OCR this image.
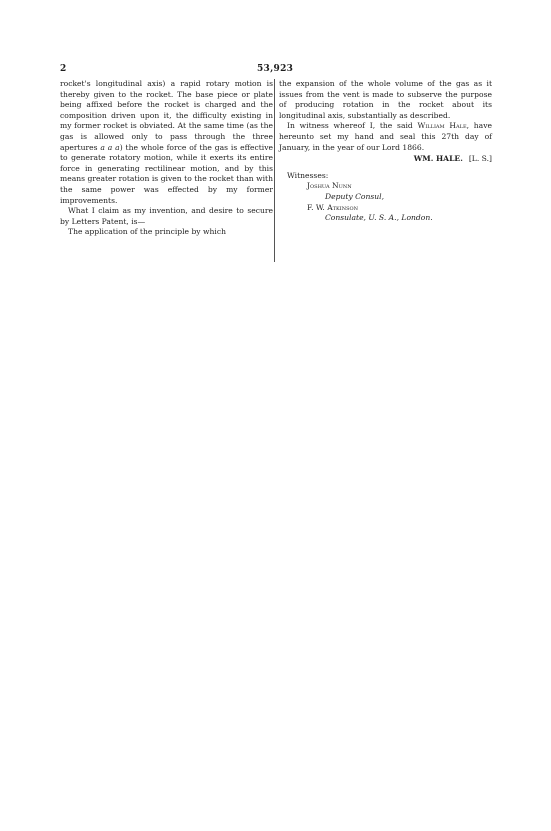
2	53,923

rocket's longitudinal axis) a rapid rotary motion is thereby given to the rocket. The base piece or plate being affixed before the rocket is charged and the composition driven upon it, the difficulty existing in my former rocket is obviated. At the same time (as the gas is allowed only to pass through the three apertures a a a) the whole force of the gas is effective to generate rotatory motion, while it exerts its entire force in generating rectilinear motion, and by this means greater rotation is given to the rocket than with the same power was effected by my former improvements.

What I claim as my invention, and desire to secure by Letters Patent, is—

The application of the principle by which

the expansion of the whole volume of the gas as it issues from the vent is made to subserve the purpose of producing rotation in the rocket about its longitudinal axis, substantially as described.

In witness whereof I, the said William Hale, have hereunto set my hand and seal this 27th day of January, in the year of our Lord 1866.

WM. HALE. [L. S.]
Witnesses:
Joshua Nunn
Deputy Consul,
F. W. Atkinson
Consulate, U. S. A., London.
